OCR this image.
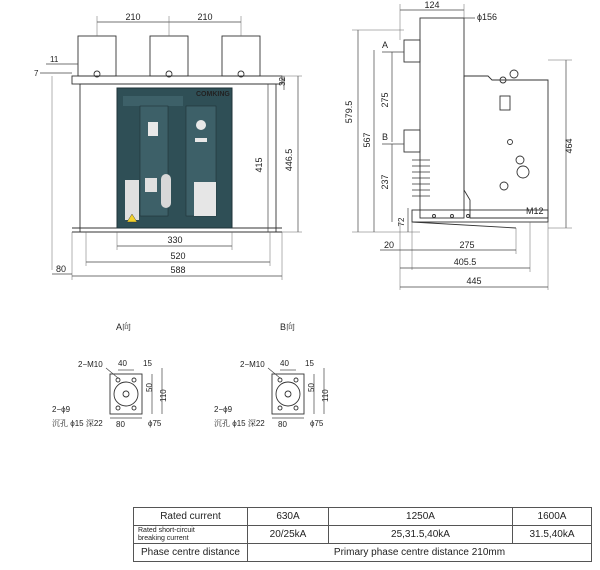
COMKING
210	210
11
7
32
415 446.5
330
520
588
80
124
ϕ156
A
B
579.5
567
275
237
72
464
M12
20	275
405.5
445
A向
2−M10 40 15
50
110
2−ϕ9
沉孔 ϕ15 深22 80	ϕ75
B向
2−M10 40 15
50
110
2−ϕ9
沉孔 ϕ15 深22 80	ϕ75
Rated current	630A	1250A	1600A
Rated short-circuit
breaking current	20/25kA	25,31.5,40kA	31.5,40kA
Phase centre distance	Primary phase centre distance 210mm		
